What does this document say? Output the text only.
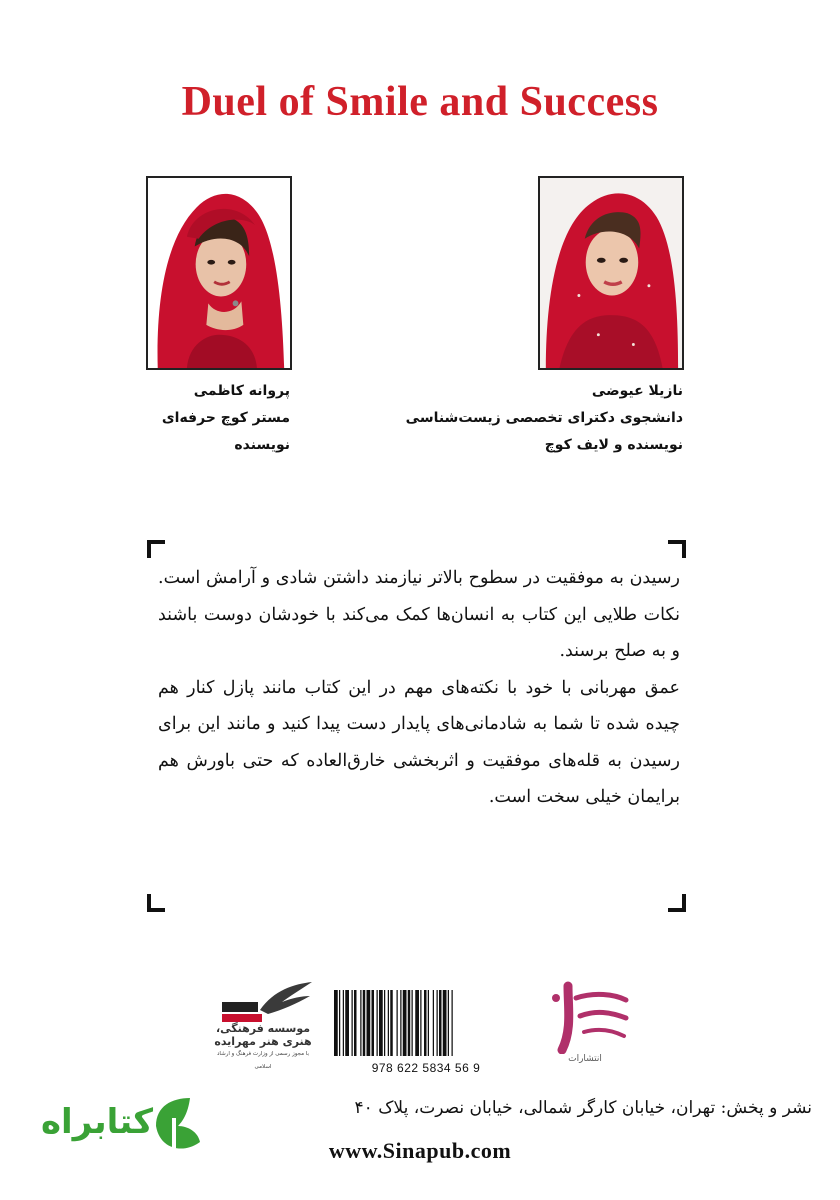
Duel of Smile and Success
پروانه کاظمی
مستر کوچ حرفه‌ای
نویسنده
نازیلا عیوضی
دانشجوی دکترای تخصصی زیست‌شناسی
نویسنده و لایف کوچ

رسیدن به موفقیت در سطوح بالاتر نیازمند داشتن شادی و آرامش است. نکات طلایی این کتاب به انسان‌ها کمک می‌کند با خودشان دوست باشند و به صلح برسند.

عمق مهربانی با خود با نکته‌های مهم در این کتاب مانند پازل کنار هم چیده شده تا شما به شادمانی‌های پایدار دست پیدا کنید و مانند این برای رسیدن به قله‌های موفقیت و اثربخشی خارق‌العاده که حتی باورش هم برایمان خیلی سخت است.

موسسه فرهنگی، هنری هنر مهرایده
با مجوز رسمی از وزارت فرهنگ و ارشاد اسلامی	978 622 5834 56 9
انتشارات
کتابراه	نشر و پخش: تهران، خیابان کارگر شمالی، خیابان نصرت، پلاک ۴۰
www.Sinapub.com
